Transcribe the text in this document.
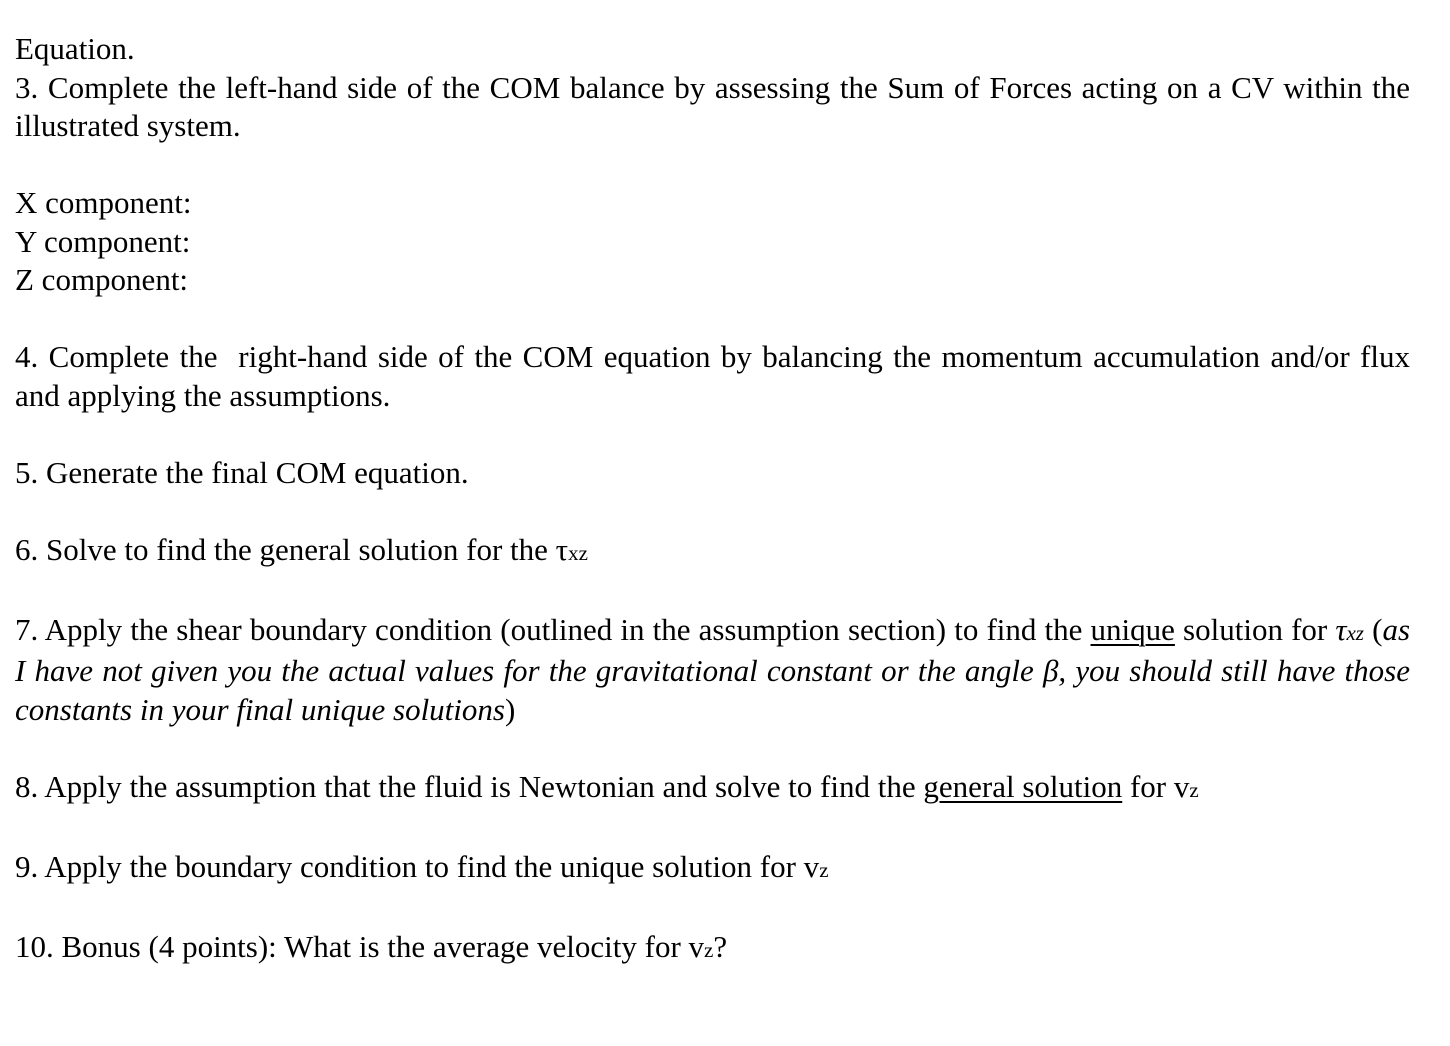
Equation.

3. Complete the left-hand side of the COM balance by assessing the Sum of Forces acting on a CV within the illustrated system.

X component:

Y component:

Z component:

4. Complete the  right-hand side of the COM equation by balancing the momentum accumulation and/or flux and applying the assumptions.

5. Generate the final COM equation.

6. Solve to find the general solution for the τxz

7. Apply the shear boundary condition (outlined in the assumption section) to find the unique solution for τxz (as I have not given you the actual values for the gravitational constant or the angle β, you should still have those constants in your final unique solutions)

8. Apply the assumption that the fluid is Newtonian and solve to find the general solution for vz

9. Apply the boundary condition to find the unique solution for vz

10. Bonus (4 points): What is the average velocity for vz?
